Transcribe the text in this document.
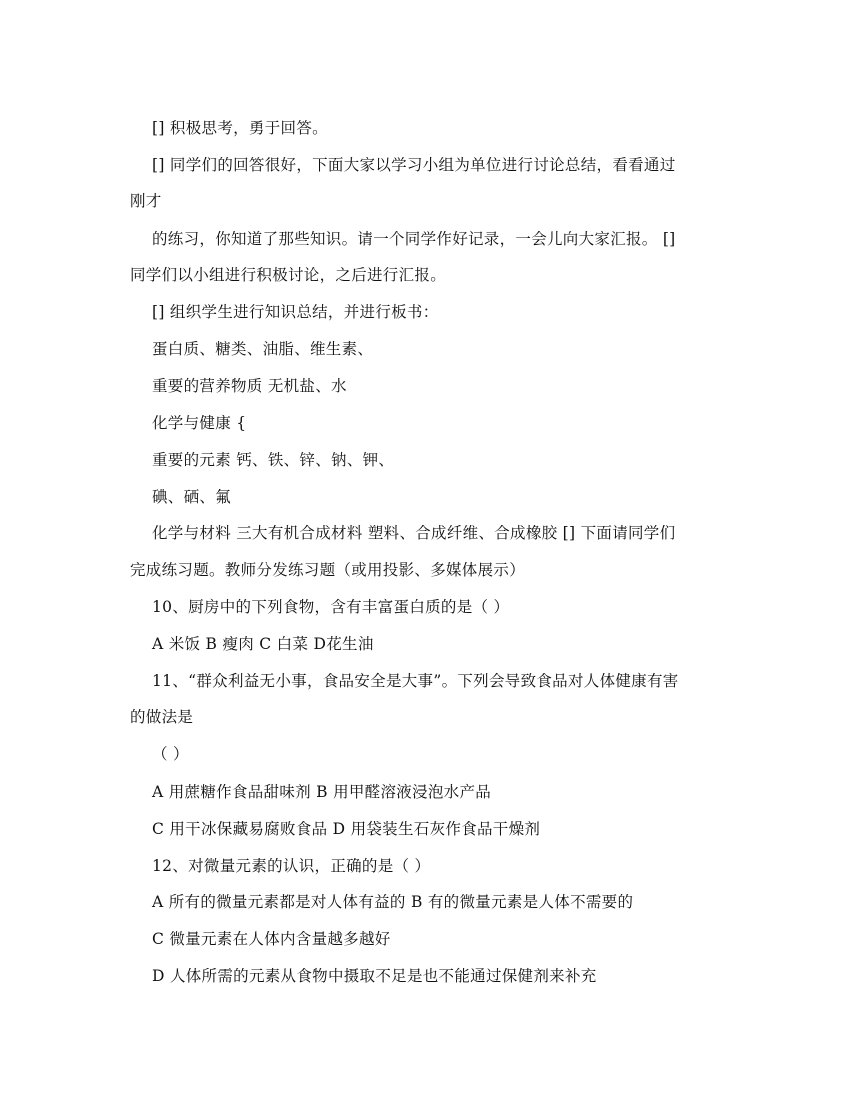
[] 积极思考，勇于回答。
[] 同学们的回答很好，下面大家以学习小组为单位进行讨论总结，看看通过
刚才
的练习，你知道了那些知识。请一个同学作好记录，一会儿向大家汇报。 []
同学们以小组进行积极讨论，之后进行汇报。
[] 组织学生进行知识总结，并进行板书：
蛋白质、糖类、油脂、维生素、
重要的营养物质 无机盐、水
化学与健康 {
重要的元素 钙、铁、锌、钠、钾、
碘、硒、氟
化学与材料 三大有机合成材料 塑料、合成纤维、合成橡胶 [] 下面请同学们
完成练习题。教师分发练习题（或用投影、多媒体展示）
10、厨房中的下列食物，含有丰富蛋白质的是（ ）
A 米饭 B 瘦肉 C 白菜 D花生油
11、“群众利益无小事，食品安全是大事”。下列会导致食品对人体健康有害
的做法是
（ ）
A 用蔗糖作食品甜味剂 B 用甲醛溶液浸泡水产品
C 用干冰保藏易腐败食品 D 用袋装生石灰作食品干燥剂
12、对微量元素的认识，正确的是（ ）
A 所有的微量元素都是对人体有益的 B 有的微量元素是人体不需要的
C 微量元素在人体内含量越多越好
D 人体所需的元素从食物中摄取不足是也不能通过保健剂来补充
